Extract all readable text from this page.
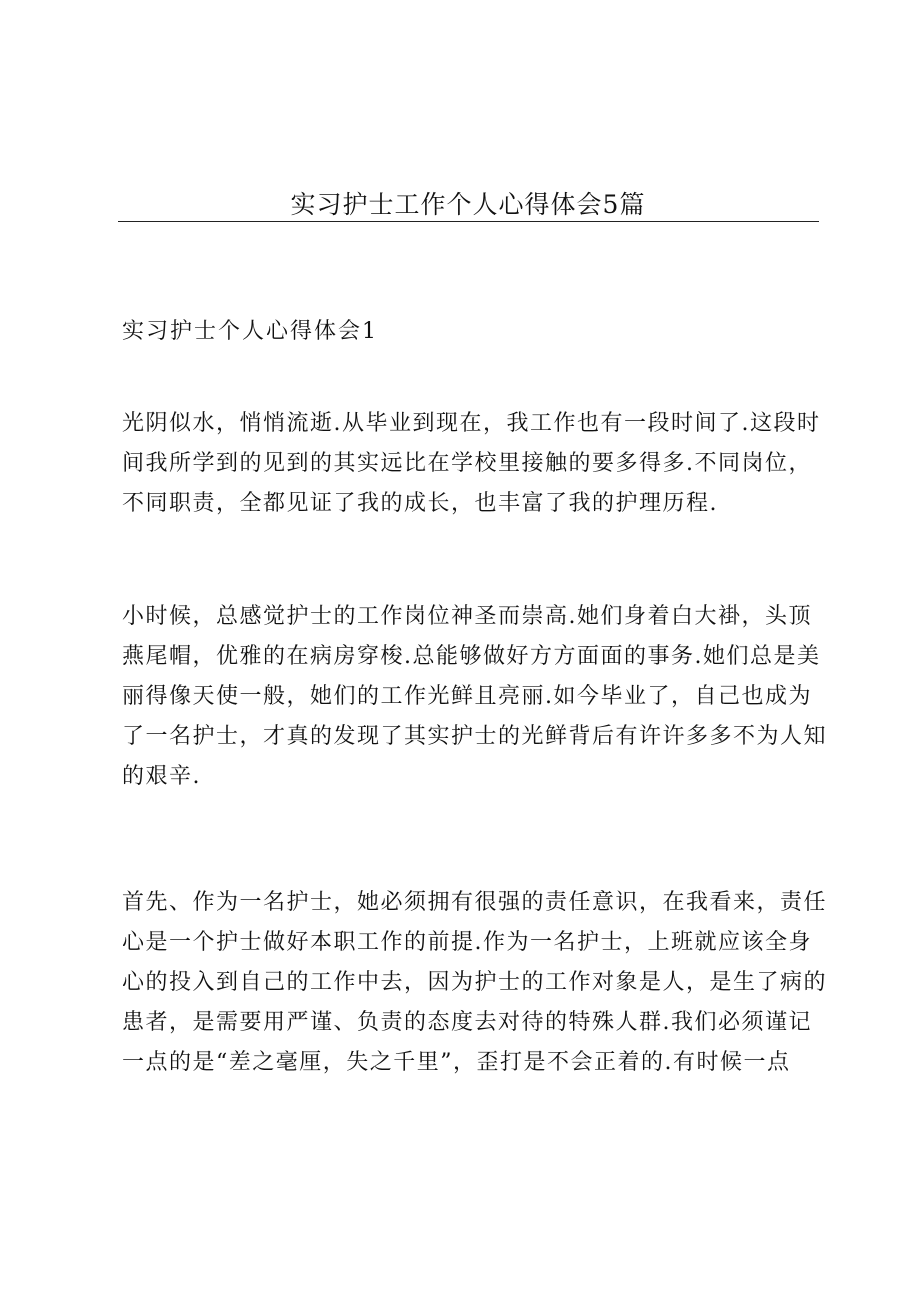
实习护士工作个人心得体会5篇
实习护士个人心得体会1

光阴似水，悄悄流逝.从毕业到现在，我工作也有一段时间了.这段时
间我所学到的见到的其实远比在学校里接触的要多得多.不同岗位，
不同职责，全都见证了我的成长，也丰富了我的护理历程.

小时候，总感觉护士的工作岗位神圣而崇高.她们身着白大褂，头顶
燕尾帽，优雅的在病房穿梭.总能够做好方方面面的事务.她们总是美
丽得像天使一般，她们的工作光鲜且亮丽.如今毕业了，自己也成为
了一名护士，才真的发现了其实护士的光鲜背后有许许多多不为人知
的艰辛.

首先、作为一名护士，她必须拥有很强的责任意识，在我看来，责任
心是一个护士做好本职工作的前提.作为一名护士，上班就应该全身
心的投入到自己的工作中去，因为护士的工作对象是人，是生了病的
患者，是需要用严谨、负责的态度去对待的特殊人群.我们必须谨记
一点的是“差之毫厘，失之千里”，歪打是不会正着的.有时候一点
